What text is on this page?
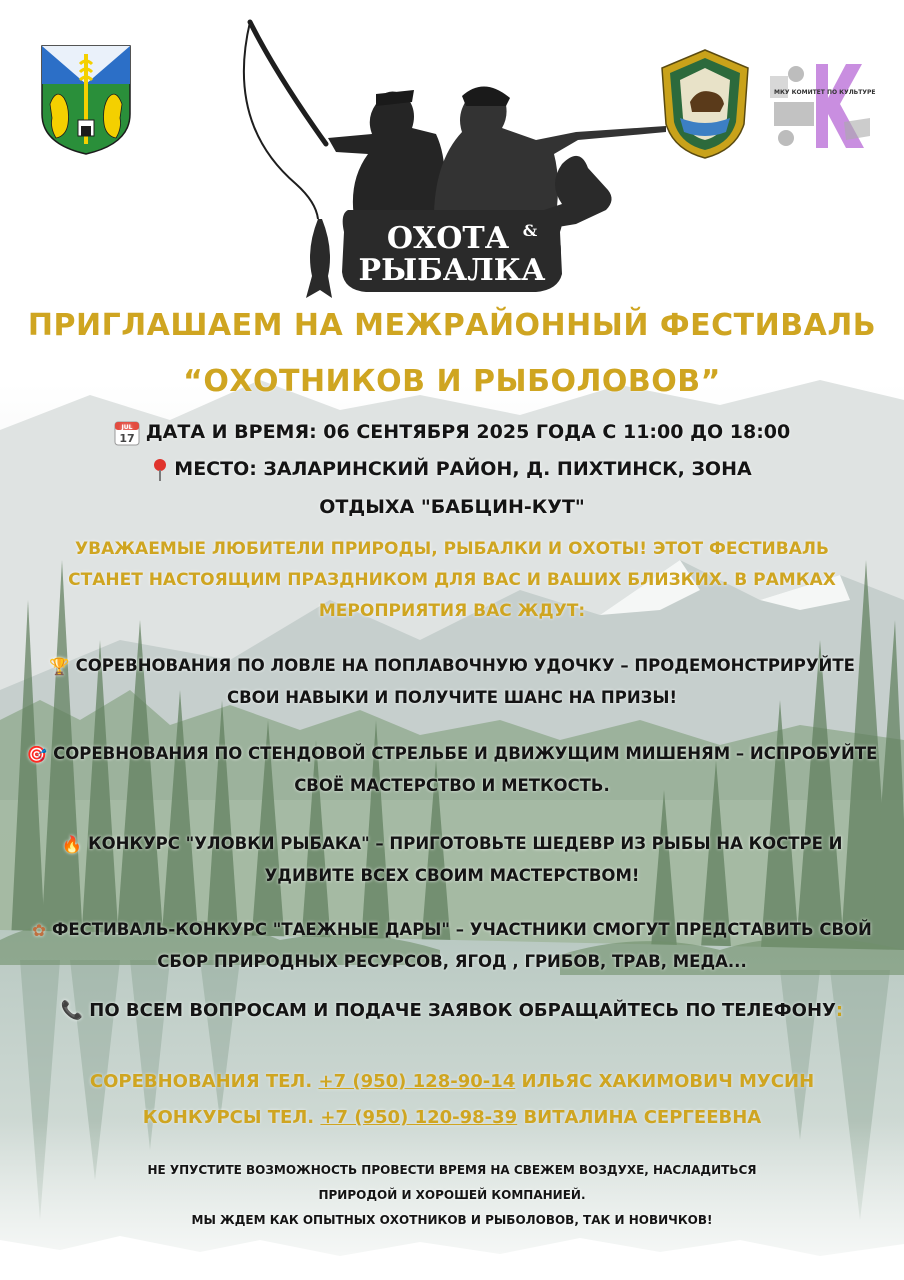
ОХОТА &
РЫБАЛКА
МКУ КОМИТЕТ ПО КУЛЬТУРЕ
ПРИГЛАШАЕМ НА МЕЖРАЙОННЫЙ ФЕСТИВАЛЬ
“ОХОТНИКОВ И РЫБОЛОВОВ”
JUL
17 ДАТА И ВРЕМЯ: 06 СЕНТЯБРЯ 2025 ГОДА С 11:00 ДО 18:00
МЕСТО: ЗАЛАРИНСКИЙ РАЙОН, Д. ПИХТИНСК, ЗОНА
ОТДЫХА "БАБЦИН-КУТ"
УВАЖАЕМЫЕ ЛЮБИТЕЛИ ПРИРОДЫ, РЫБАЛКИ И ОХОТЫ! ЭТОТ ФЕСТИВАЛЬ СТАНЕТ НАСТОЯЩИМ ПРАЗДНИКОМ ДЛЯ ВАС И ВАШИХ БЛИЗКИХ. В РАМКАХ МЕРОПРИЯТИЯ ВАС ЖДУТ:
🏆 СОРЕВНОВАНИЯ ПО ЛОВЛЕ НА ПОПЛАВОЧНУЮ УДОЧКУ – ПРОДЕМОНСТРИРУЙТЕ СВОИ НАВЫКИ И ПОЛУЧИТЕ ШАНС НА ПРИЗЫ!
🎯 СОРЕВНОВАНИЯ ПО СТЕНДОВОЙ СТРЕЛЬБЕ И ДВИЖУЩИМ МИШЕНЯМ – ИСПРОБУЙТЕ СВОЁ МАСТЕРСТВО И МЕТКОСТЬ.
🔥 КОНКУРС "УЛОВКИ РЫБАКА" – ПРИГОТОВЬТЕ ШЕДЕВР ИЗ РЫБЫ НА КОСТРЕ И УДИВИТЕ ВСЕХ СВОИМ МАСТЕРСТВОМ!
✿ ФЕСТИВАЛЬ-КОНКУРС "ТАЕЖНЫЕ ДАРЫ" – УЧАСТНИКИ СМОГУТ ПРЕДСТАВИТЬ СВОЙ СБОР ПРИРОДНЫХ РЕСУРСОВ, ЯГОД , ГРИБОВ, ТРАВ, МЕДА...
📞 ПО ВСЕМ ВОПРОСАМ И ПОДАЧЕ ЗАЯВОК ОБРАЩАЙТЕСЬ ПО ТЕЛЕФОНУ:
СОРЕВНОВАНИЯ ТЕЛ. +7 (950) 128-90-14 ИЛЬЯС ХАКИМОВИЧ МУСИН
КОНКУРСЫ ТЕЛ. +7 (950) 120-98-39 ВИТАЛИНА СЕРГЕЕВНА
НЕ УПУСТИТЕ ВОЗМОЖНОСТЬ ПРОВЕСТИ ВРЕМЯ НА СВЕЖЕМ ВОЗДУХЕ, НАСЛАДИТЬСЯ
ПРИРОДОЙ И ХОРОШЕЙ КОМПАНИЕЙ.
МЫ ЖДЕМ КАК ОПЫТНЫХ ОХОТНИКОВ И РЫБОЛОВОВ, ТАК И НОВИЧКОВ!
